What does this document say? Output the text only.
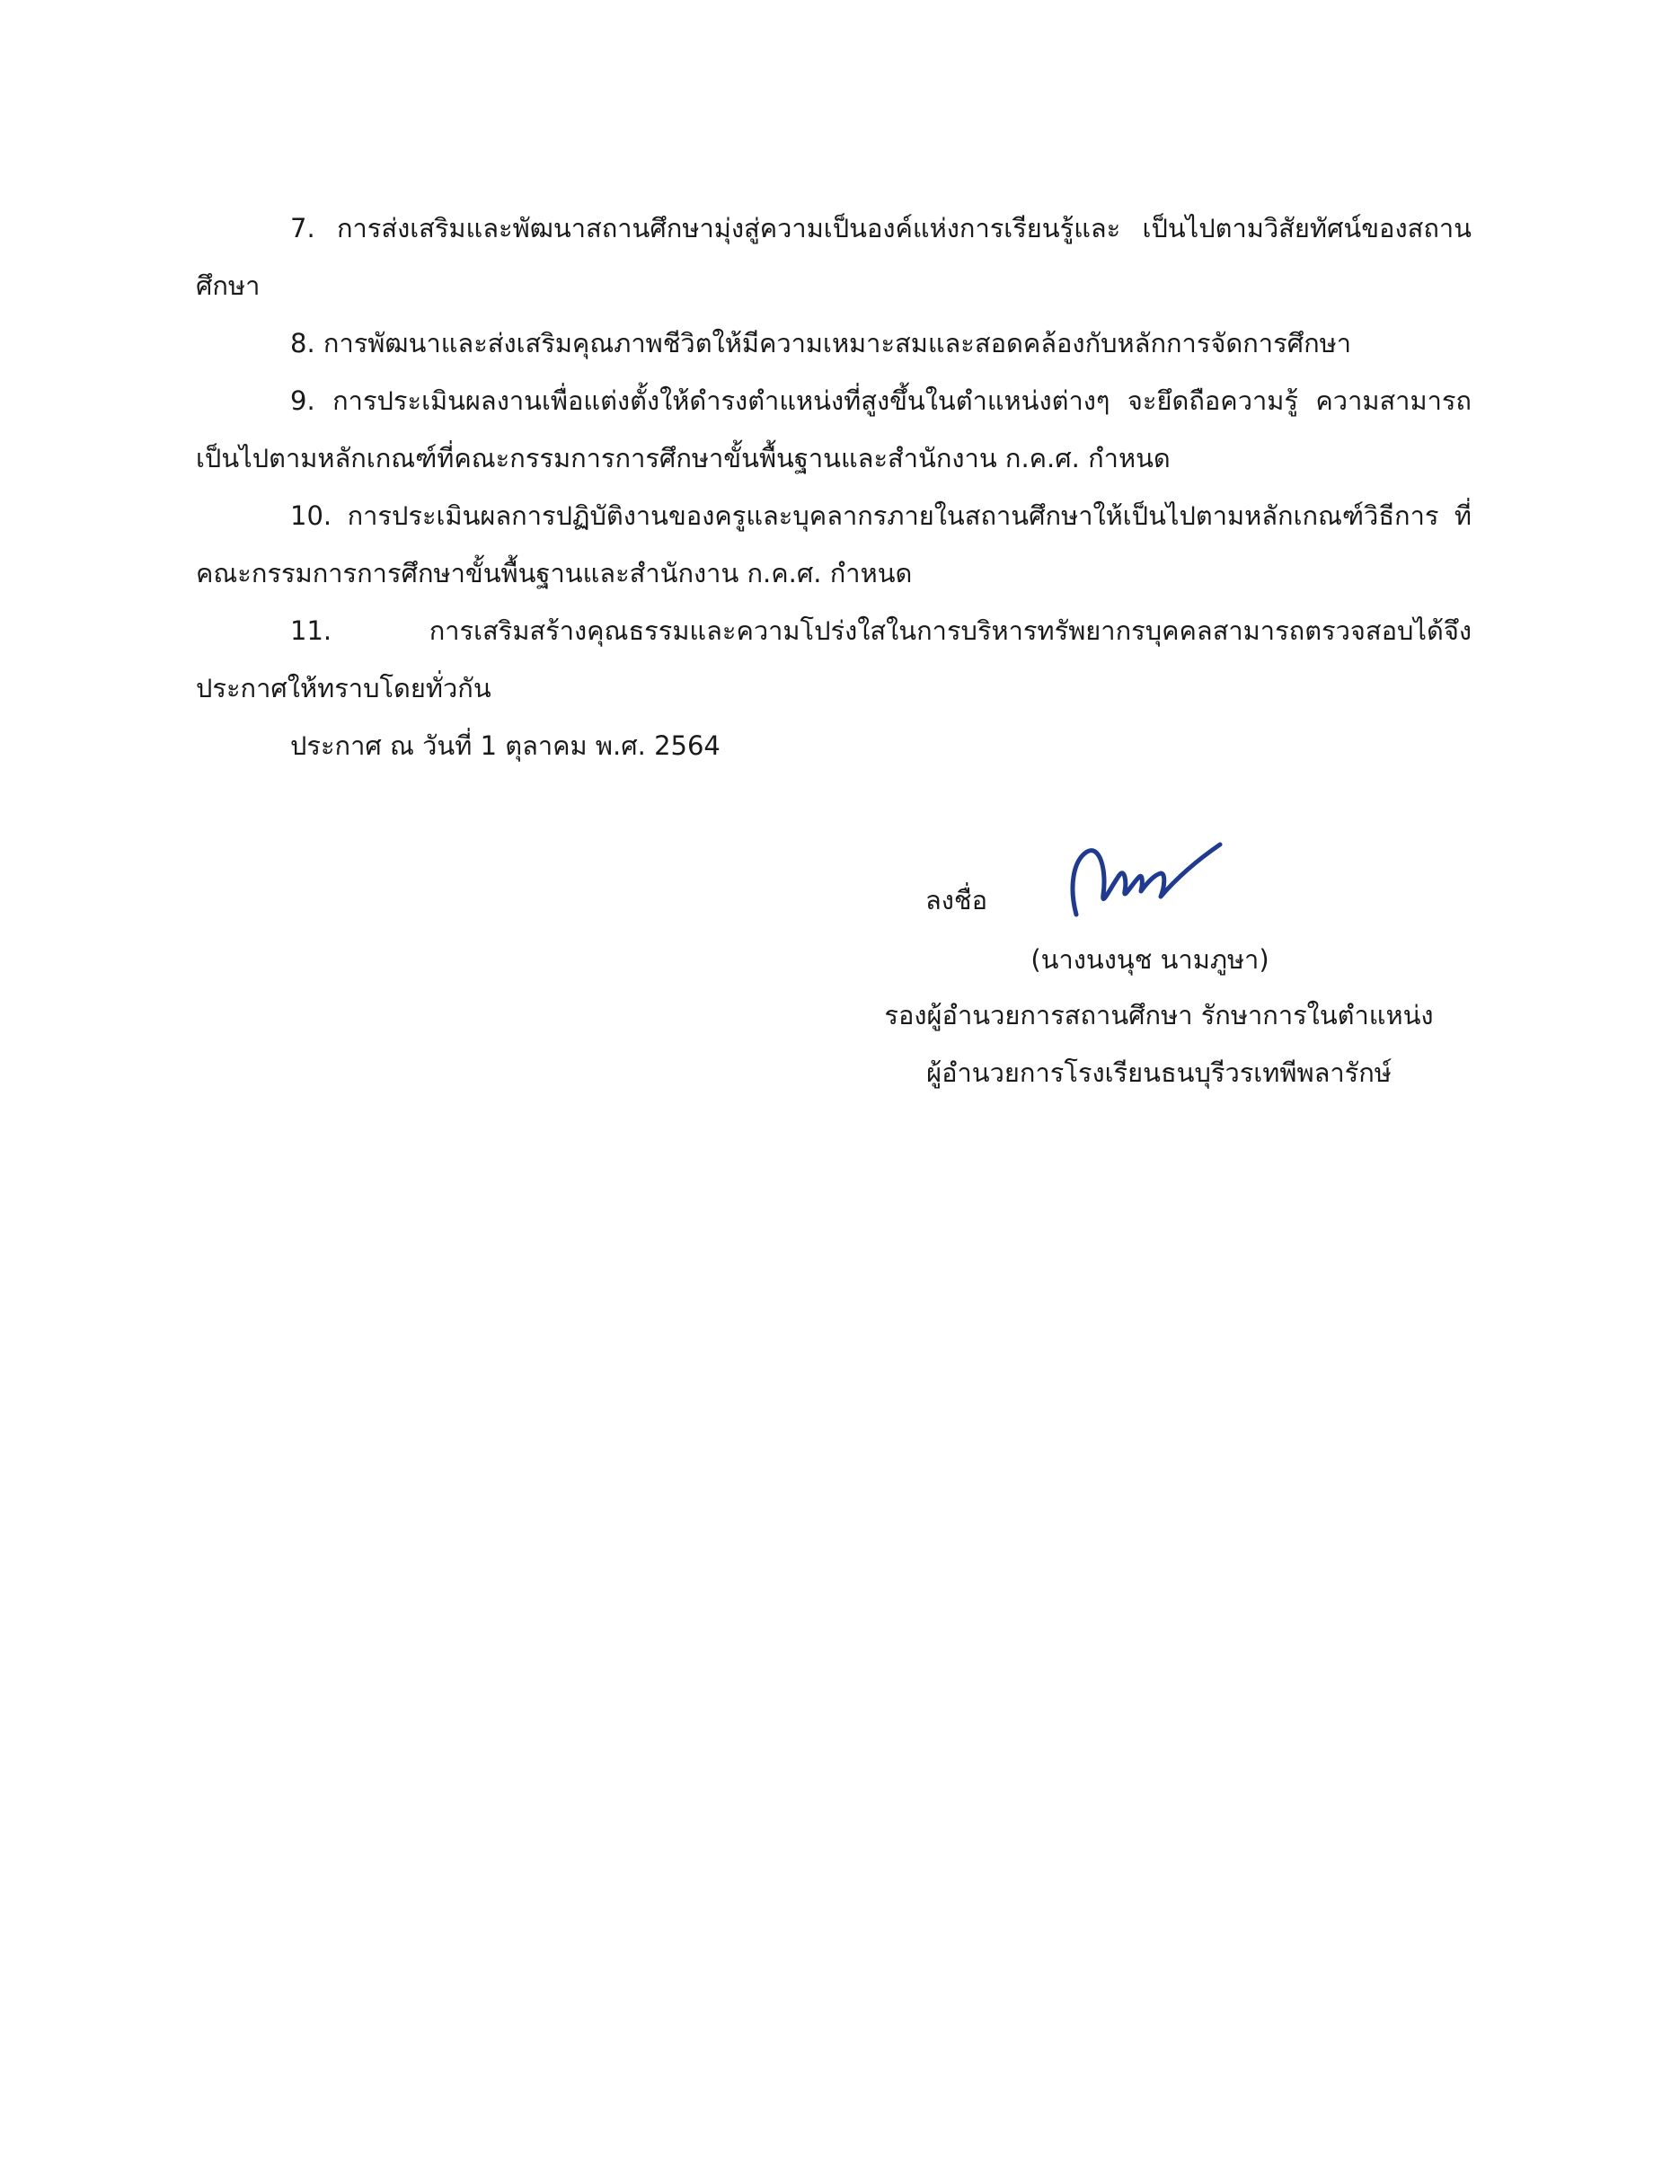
7. การส่งเสริมและพัฒนาสถานศึกษามุ่งสู่ความเป็นองค์แห่งการเรียนรู้และ เป็นไปตามวิสัยทัศน์ของสถานศึกษา

8. การพัฒนาและส่งเสริมคุณภาพชีวิตให้มีความเหมาะสมและสอดคล้องกับหลักการจัดการศึกษา

9. การประเมินผลงานเพื่อแต่งตั้งให้ดำรงตำแหน่งที่สูงขึ้นในตำแหน่งต่างๆ จะยึดถือความรู้ ความสามารถ เป็นไปตามหลักเกณฑ์ที่คณะกรรมการการศึกษาขั้นพื้นฐานและสำนักงาน ก.ค.ศ. กำหนด

10. การประเมินผลการปฏิบัติงานของครูและบุคลากรภายในสถานศึกษาให้เป็นไปตามหลักเกณฑ์วิธีการ ที่ คณะกรรมการการศึกษาขั้นพื้นฐานและสำนักงาน ก.ค.ศ. กำหนด

11. การเสริมสร้างคุณธรรมและความโปร่งใสในการบริหารทรัพยากรบุคคลสามารถตรวจสอบได้จึงประกาศให้ทราบโดยทั่วกัน

ประกาศ ณ วันที่ 1 ตุลาคม พ.ศ. 2564

ลงชื่อ
(นางนงนุช นามภูษา)
รองผู้อำนวยการสถานศึกษา รักษาการในตำแหน่ง
ผู้อำนวยการโรงเรียนธนบุรีวรเทพีพลารักษ์
